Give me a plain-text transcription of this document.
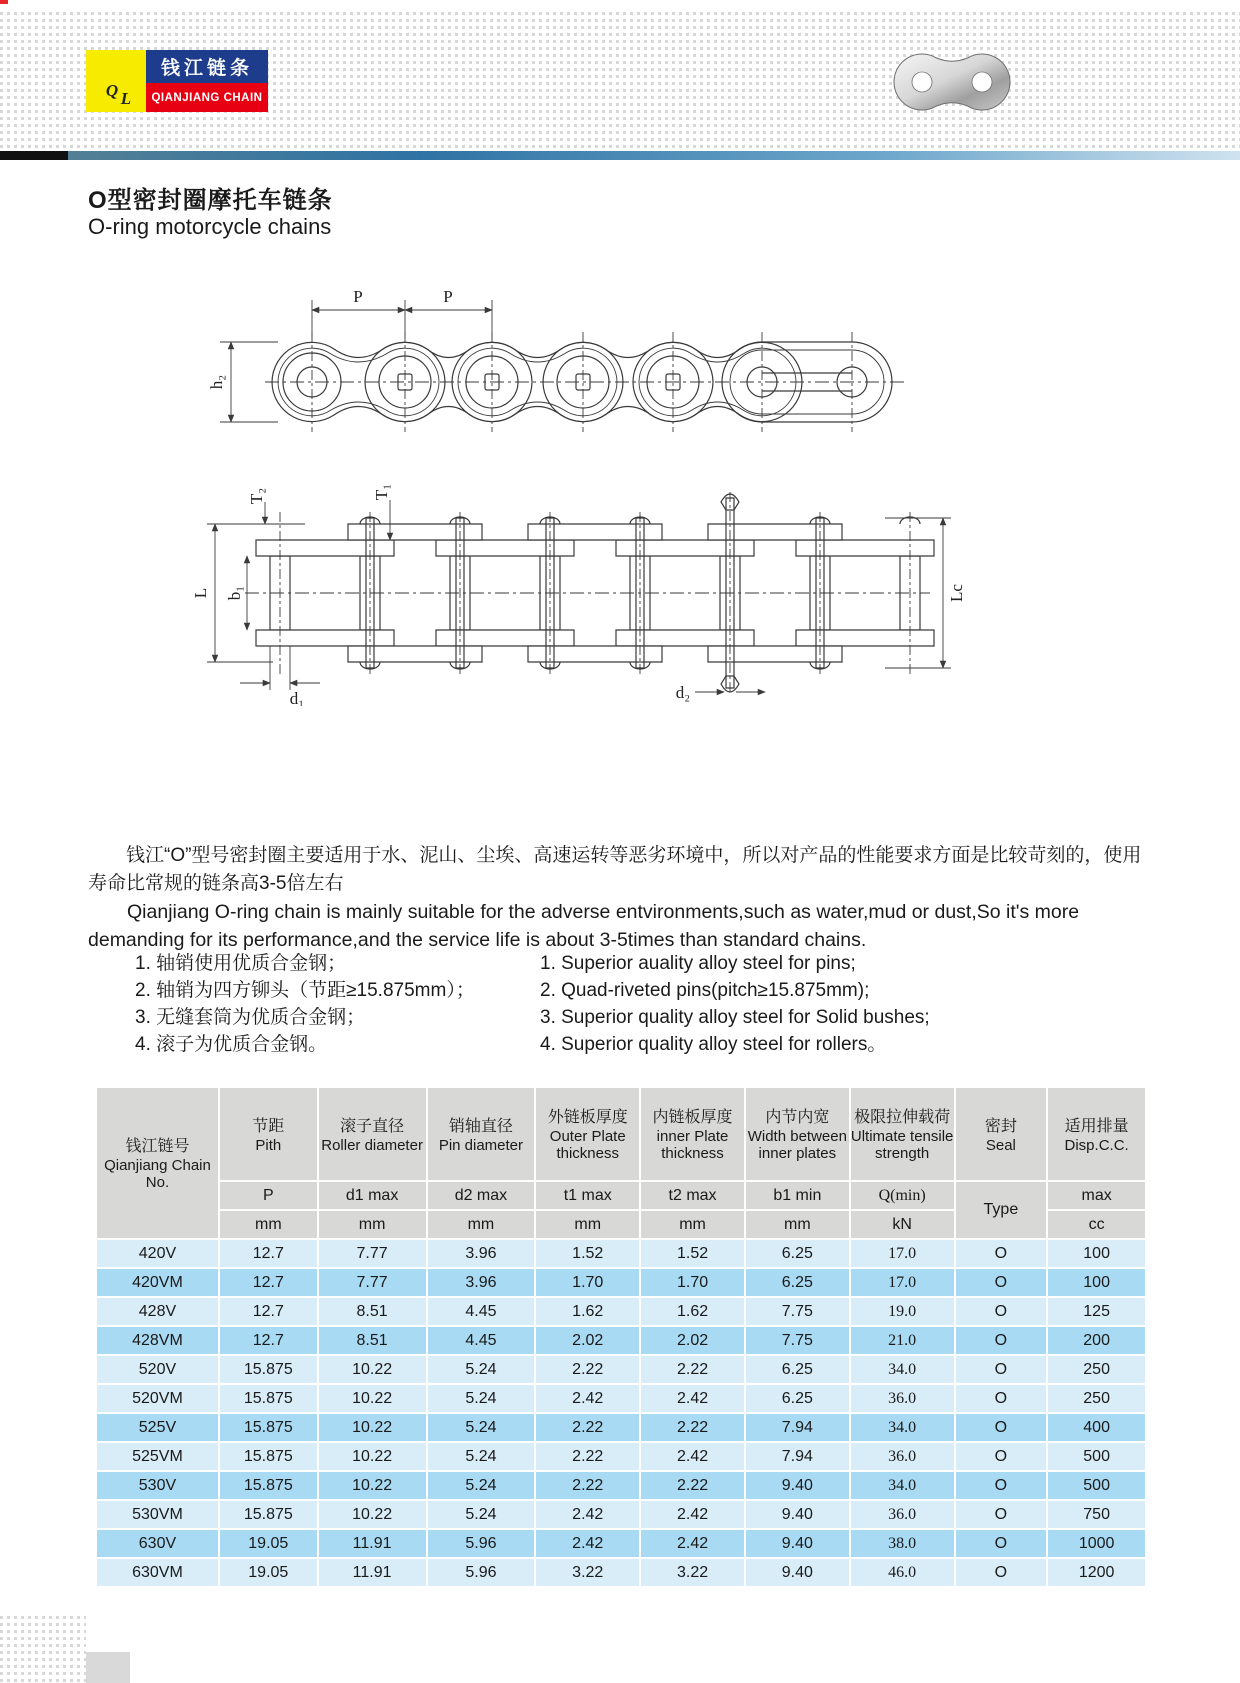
Q L
钱江链条
QIANJIANG CHAIN
O型密封圈摩托车链条
O-ring motorcycle chains
P	P
h₂
L b₁
T₂	T₁
d₁	d₂
Lc
钱江“O”型号密封圈主要适用于水、泥山、尘埃、高速运转等恶劣环境中，所以对产品的性能要求方面是比较苛刻的，使用寿命比常规的链条高3-5倍左右
Qianjiang O-ring chain is mainly suitable for the adverse entvironments,such as water,mud or dust,So it's more demanding for its performance,and the service life is about 3-5times than standard chains.
1. 轴销使用优质合金钢；
2. 轴销为四方铆头（节距≥15.875mm）；
3. 无缝套筒为优质合金钢；
4. 滚子为优质合金钢。
1. Superior auality alloy steel for pins;
2. Quad-riveted pins(pitch≥15.875mm);
3. Superior quality alloy steel for Solid bushes;
4. Superior quality alloy steel for rollers。
钱江链号
Qianjiang Chain No.

节距
Pith

滚子直径
Roller diameter

销轴直径
Pin diameter

外链板厚度
Outer Plate thickness

内链板厚度
inner Plate thickness

内节内宽
Width between inner plates

极限拉伸载荷
Ultimate tensile strength

密封
Seal

适用排量
Disp.C.C.

	P	d1 max	d2 max	t1 max	t2 max	b1 min	Q(min)	Type	max
	mm	mm	mm	mm	mm	mm	kN		cc
420V	12.7	7.77	3.96	1.52	1.52	6.25	17.0	O	100
420VM	12.7	7.77	3.96	1.70	1.70	6.25	17.0	O	100
428V	12.7	8.51	4.45	1.62	1.62	7.75	19.0	O	125
428VM	12.7	8.51	4.45	2.02	2.02	7.75	21.0	O	200
520V	15.875	10.22	5.24	2.22	2.22	6.25	34.0	O	250
520VM	15.875	10.22	5.24	2.42	2.42	6.25	36.0	O	250
525V	15.875	10.22	5.24	2.22	2.22	7.94	34.0	O	400
525VM	15.875	10.22	5.24	2.22	2.42	7.94	36.0	O	500
530V	15.875	10.22	5.24	2.22	2.22	9.40	34.0	O	500
530VM	15.875	10.22	5.24	2.42	2.42	9.40	36.0	O	750
630V	19.05	11.91	5.96	2.42	2.42	9.40	38.0	O	1000
630VM	19.05	11.91	5.96	3.22	3.22	9.40	46.0	O	1200
